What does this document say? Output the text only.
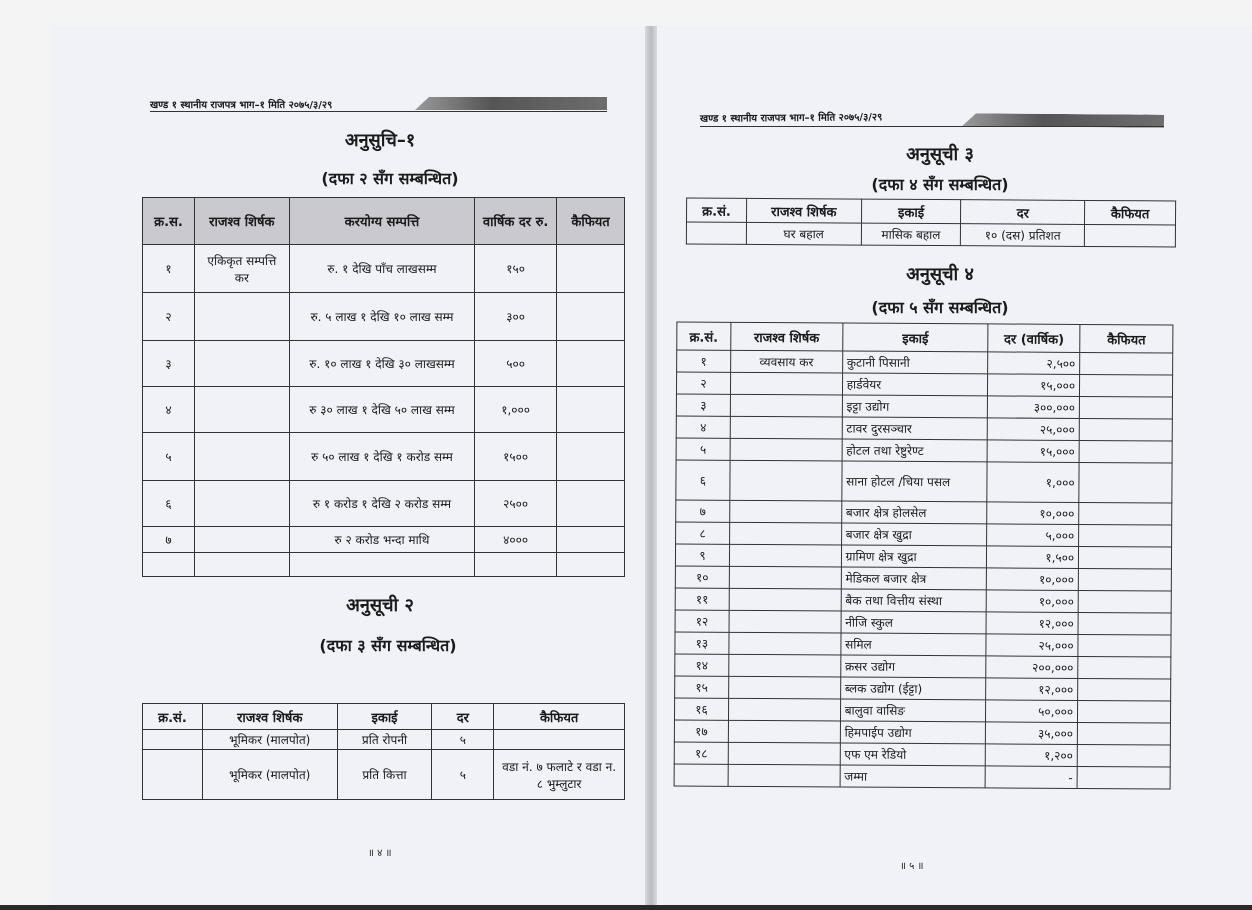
खण्ड १ स्थानीय राजपत्र भाग–१ मिति २०७५/३/२९
अनुसुचि–१
(दफा २ सँग सम्बन्धित)
क्र.स.	राजश्व शिर्षक	करयोग्य सम्पत्ति	वार्षिक दर रु.	कैफियत
१	एकिकृत सम्पत्ति कर	रु. १ देखि पाँच लाखसम्म	१५०	
२		रु. ५ लाख १ देखि १० लाख सम्म	३००	
३		रु. १० लाख १ देखि ३० लाखसम्म	५००	
४		रु ३० लाख १ देखि ५० लाख सम्म	१,०००	
५		रु ५० लाख १ देखि १ करोड सम्म	१५००	
६		रु १ करोड १ देखि २ करोड सम्म	२५००	
७		रु २ करोड भन्दा माथि	४०००	

अनुसूची २
(दफा ३ सँग सम्बन्धित)
क्र.सं.	राजश्व शिर्षक	इकाई	दर	कैफियत
	भूमिकर (मालपोत)	प्रति रोपनी	५	
	भूमिकर (मालपोत)	प्रति कित्ता	५	वडा नं. ७ फलाटे र वडा न. ८ भुम्लुटार
॥ ४ ॥
खण्ड १ स्थानीय राजपत्र भाग–१ मिति २०७५/३/२९
अनुसूची ३
(दफा ४ सँग सम्बन्धित)
क्र.सं.	राजश्व शिर्षक	इकाई	दर	कैफियत
	घर बहाल	मासिक बहाल	१० (दस) प्रतिशत	
अनुसूची ४
(दफा ५ सँग सम्बन्धित)
क्र.सं.	राजश्व शिर्षक	इकाई	दर (वार्षिक)	कैफियत
१	व्यवसाय कर	कुटानी पिसानी	२,५००	
२		हार्डवेयर	१५,०००	
३		इट्टा उद्योग	३००,०००	
४		टावर दुरसञ्चार	२५,०००	
५		होटल तथा रेष्टुरेण्ट	१५,०००	
६		साना होटल /चिया पसल	१,०००	
७		बजार क्षेत्र होलसेल	१०,०००	
८		बजार क्षेत्र खुद्रा	५,०००	
९		ग्रामिण क्षेत्र खुद्रा	१,५००	
१०		मेडिकल बजार क्षेत्र	१०,०००	
११		बैक तथा वित्तीय संस्था	१०,०००	
१२		नीजि स्कुल	१२,०००	
१३		समिल	२५,०००	
१४		क्रसर उद्योग	२००,०००	
१५		ब्लक उद्योग (ईट्टा)	१२,०००	
१६		बालुवा वासिङ	५०,०००	
१७		हिमपाईप उद्योग	३५,०००	
१८		एफ एम रेडियो	१,२००	
		जम्मा	-	
॥ ५ ॥
